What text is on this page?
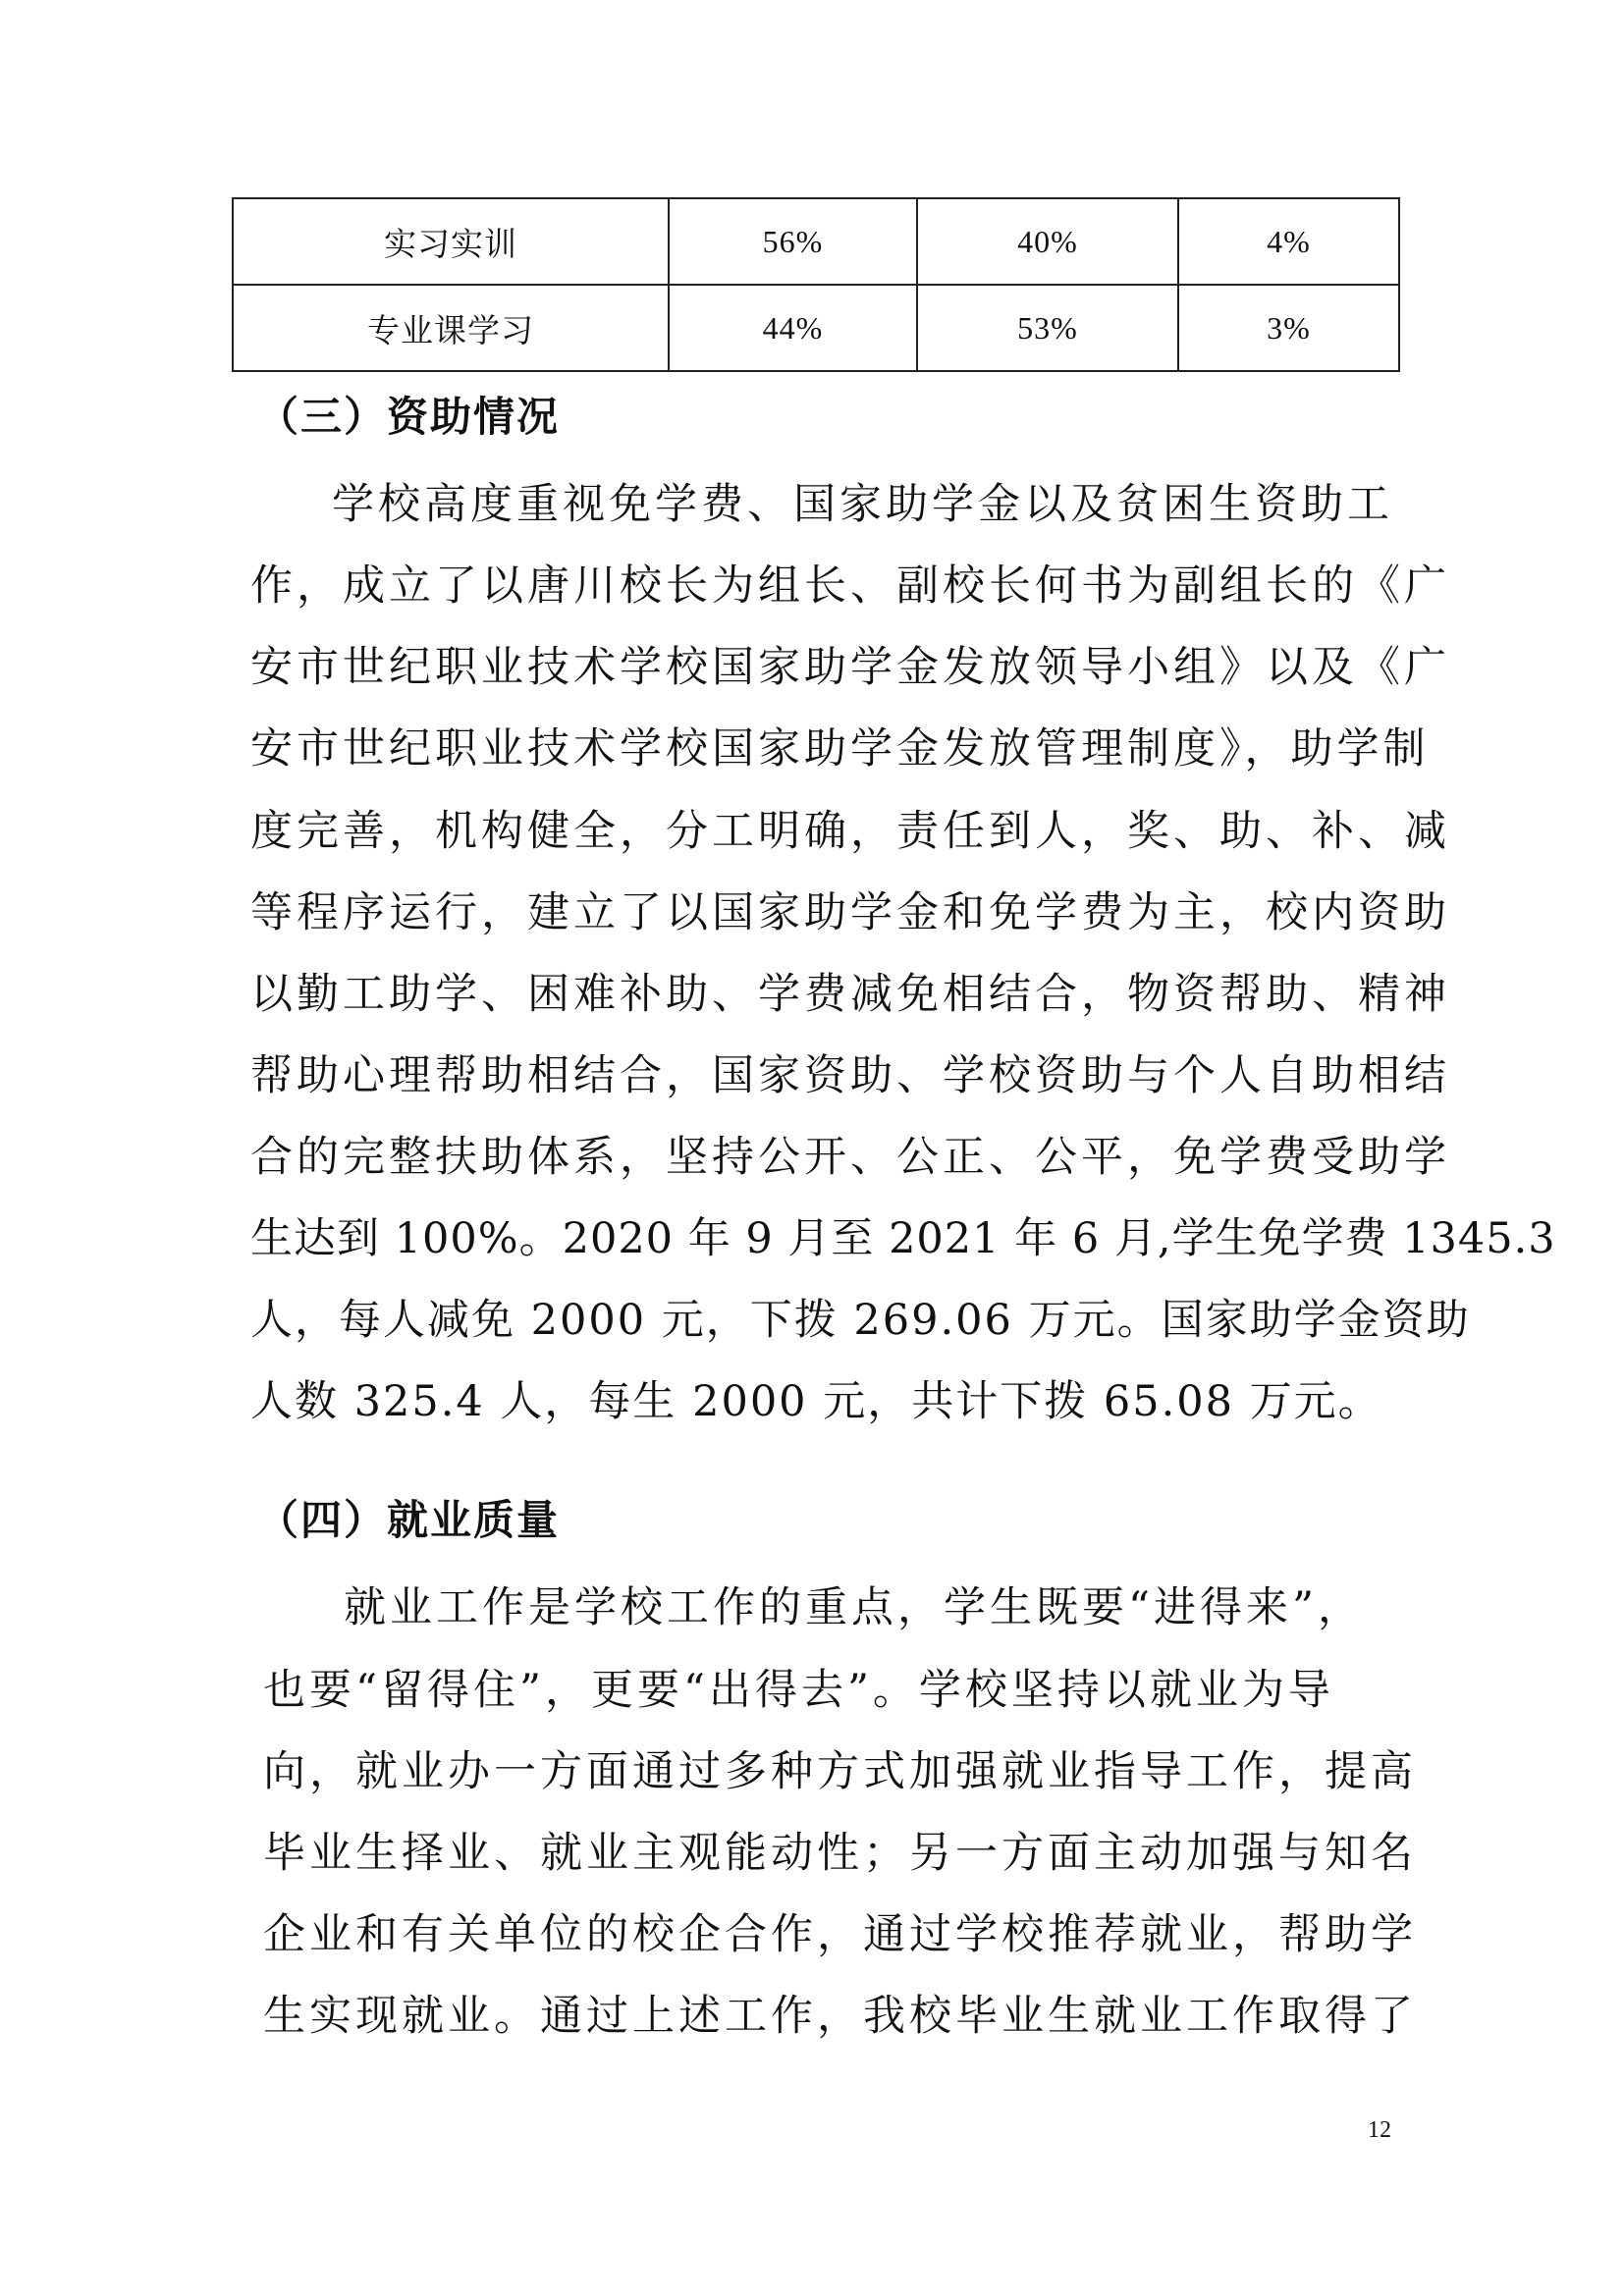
实习实训	56%	40%	4%
专业课学习	44%	53%	3%
（三）资助情况
学校高度重视免学费、国家助学金以及贫困生资助工
作，成立了以唐川校长为组长、副校长何书为副组长的《广
安市世纪职业技术学校国家助学金发放领导小组》以及《广
安市世纪职业技术学校国家助学金发放管理制度》，助学制
度完善，机构健全，分工明确，责任到人，奖、助、补、减
等程序运行，建立了以国家助学金和免学费为主，校内资助
以勤工助学、困难补助、学费减免相结合，物资帮助、精神
帮助心理帮助相结合，国家资助、学校资助与个人自助相结
合的完整扶助体系，坚持公开、公正、公平，免学费受助学
生达到 100%。2020 年 9 月至 2021 年 6 月,学生免学费 1345.3
人，每人减免 2000 元，下拨 269.06 万元。国家助学金资助
人数 325.4 人，每生 2000 元，共计下拨 65.08 万元。
（四）就业质量
就业工作是学校工作的重点，学生既要“进得来”，
也要“留得住”，更要“出得去”。学校坚持以就业为导
向，就业办一方面通过多种方式加强就业指导工作，提高
毕业生择业、就业主观能动性；另一方面主动加强与知名
企业和有关单位的校企合作，通过学校推荐就业，帮助学
生实现就业。通过上述工作，我校毕业生就业工作取得了
12
